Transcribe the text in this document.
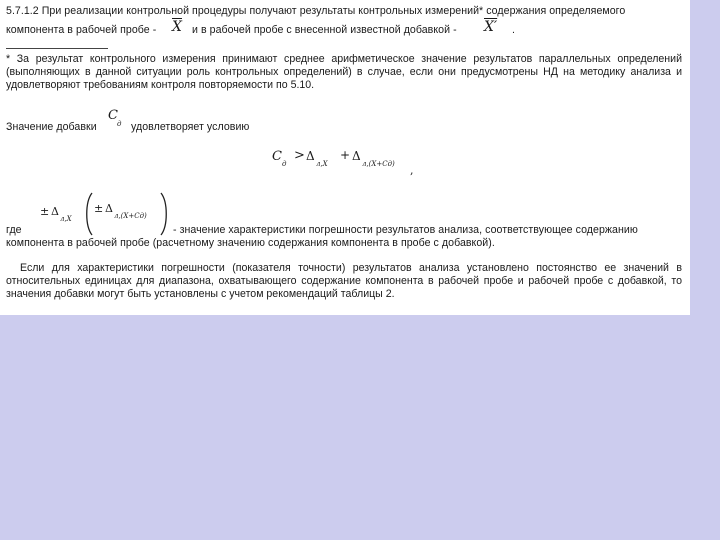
5.7.1.2 При реализации контрольной процедуры получают результаты контрольных измерений* содержания определяемого
компонента в рабочей пробе - $\overline{X}$ и в рабочей пробе с внесенной известной добавкой - X′ .
* За результат контрольного измерения принимают среднее арифметическое значение результатов параллельных определений (выполняющих в данной ситуации роль контрольных определений) в случае, если они предусмотрены НД на методику анализа и удовлетворяют требованиям контроля повторяемости по 5.10.
Значение добавки
C
д удовлетворяет условию
C д
> Δ
л,X
+ Δ
л,(X+Cд) ,
± Δ
л,X
± Δ
л,(X+Cд)
где	- значение характеристики погрешности результатов анализа, соответствующее содержанию
компонента в рабочей пробе (расчетному значению содержания компонента в пробе с добавкой).
Если для характеристики погрешности (показателя точности) результатов анализа установлено постоянство ее значений в относительных единицах для диапазона, охватывающего содержание компонента в рабочей пробе и рабочей пробе с добавкой, то значения добавки могут быть установлены с учетом рекомендаций таблицы 2.
